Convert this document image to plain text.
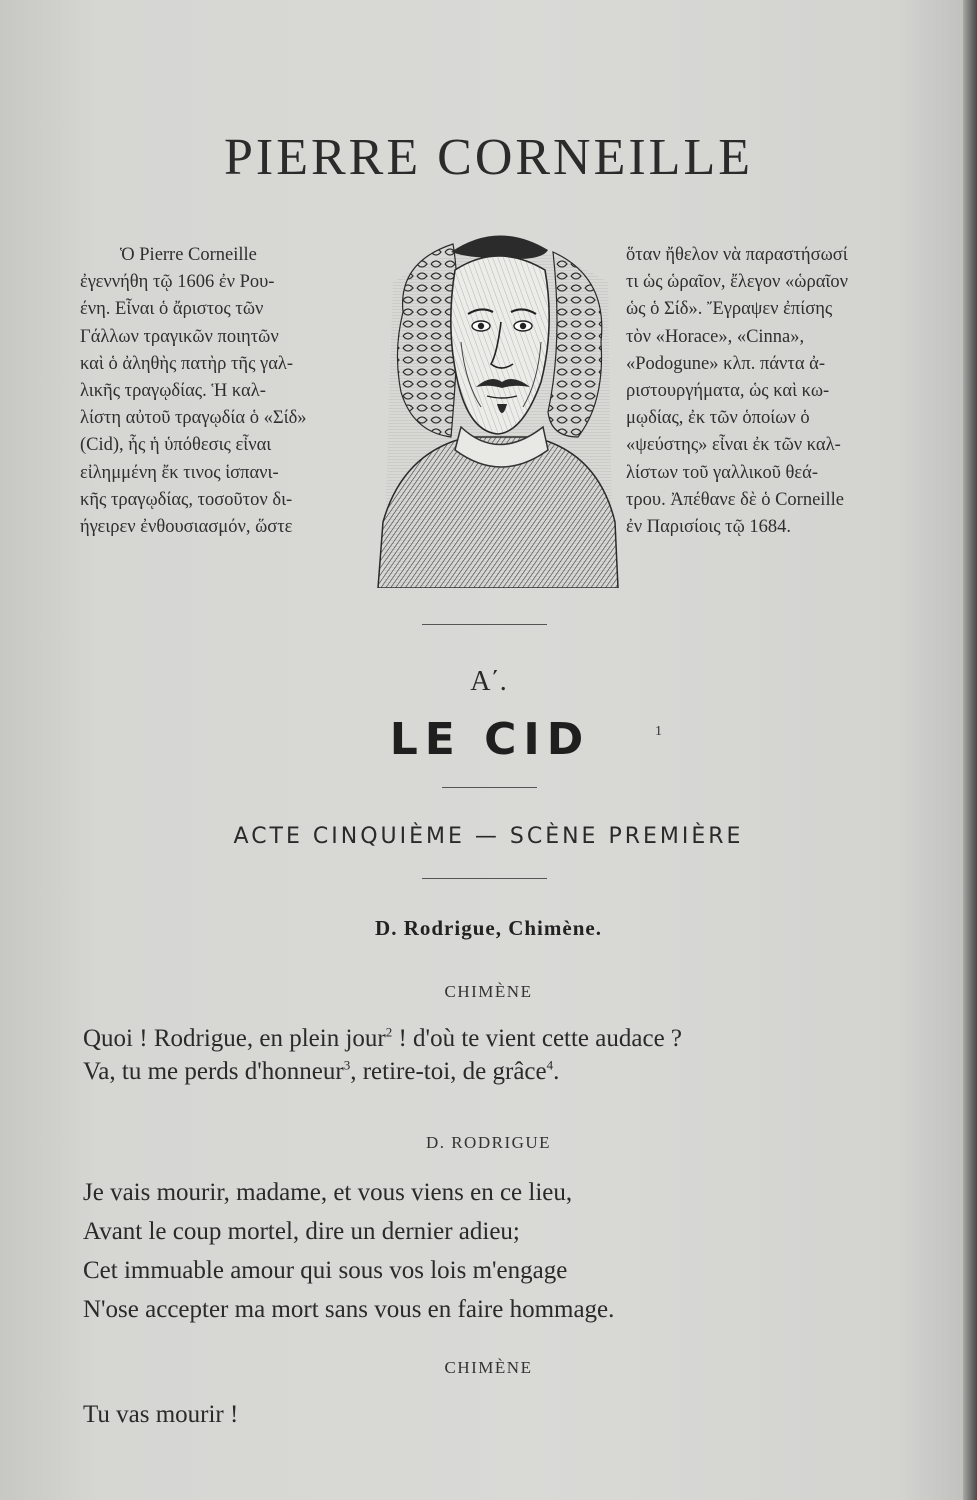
PIERRE CORNEILLE
Ὁ Pierre Corneille
ἐγεννήθη τῷ 1606 ἐν Ρου-
ένη. Εἶναι ὁ ἄριστος τῶν
Γάλλων τραγικῶν ποιητῶν
καὶ ὁ ἀληθὴς πατὴρ τῆς γαλ-
λικῆς τραγῳδίας. Ἡ καλ-
λίστη αὐτοῦ τραγῳδία ὁ «Σίδ»
(Cid), ἧς ἡ ὑπόθεσις εἶναι
εἰλημμένη ἔκ τινος ἱσπανι-
κῆς τραγῳδίας, τοσοῦτον δι-
ήγειρεν ἐνθουσιασμόν, ὥστε
ὅταν ἤθελον νὰ παραστήσωσί
τι ὡς ὡραῖον, ἔλεγον «ὡραῖον
ὡς ὁ Σίδ». Ἔγραψεν ἐπίσης
τὸν «Horace», «Cinna»,
«Podogune» κλπ. πάντα ἀ-
ριστουργήματα, ὡς καὶ κω-
μῳδίας, ἐκ τῶν ὁποίων ὁ
«ψεύστης» εἶναι ἐκ τῶν καλ-
λίστων τοῦ γαλλικοῦ θεά-
τρου. Ἀπέθανε δὲ ὁ Corneille
ἐν Παρισίοις τῷ 1684.
A΄.
LE CID	1
ACTE CINQUIÈME — SCÈNE PREMIÈRE
D. Rodrigue, Chimène.
CHIMÈNE
Quoi ! Rodrigue, en plein jour$^2$ ! d'où te vient cette audace ?
Va, tu me perds d'honneur$^3$, retire-toi, de grâce$^4$.
D. RODRIGUE
Je vais mourir, madame, et vous viens en ce lieu,
Avant le coup mortel, dire un dernier adieu;
Cet immuable amour qui sous vos lois m'engage
N'ose accepter ma mort sans vous en faire hommage.
CHIMÈNE
Tu vas mourir !
